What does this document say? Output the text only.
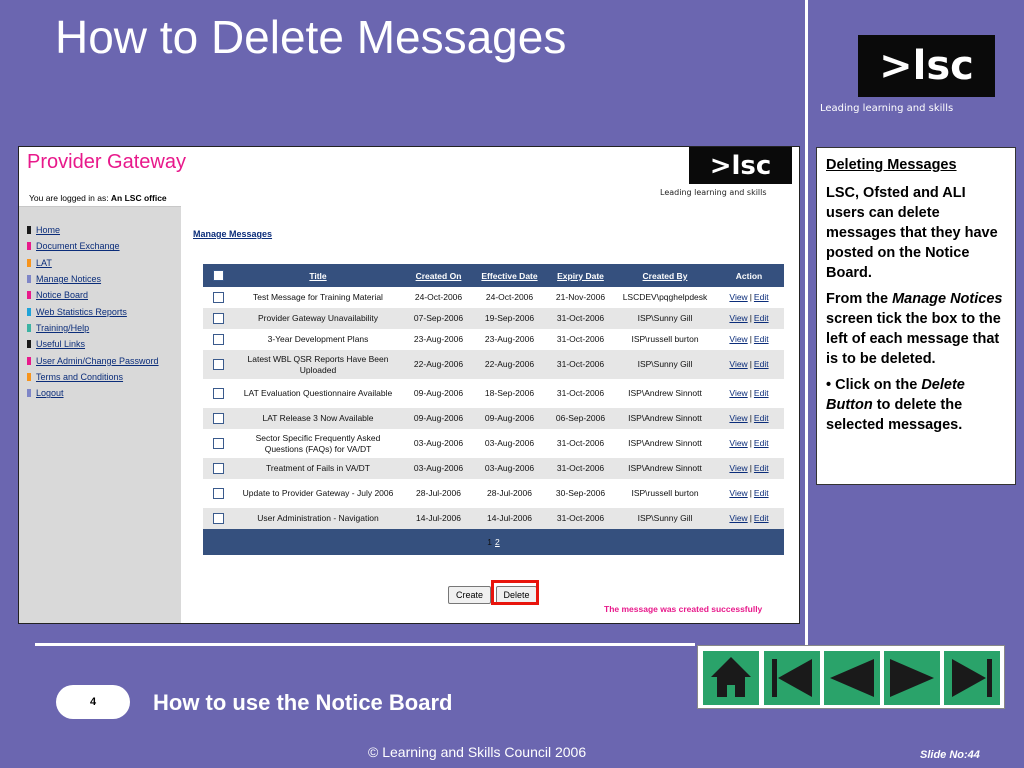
How to Delete Messages
>lsc
Leading learning and skills
Provider Gateway	>lsc
Leading learning and skills
You are logged in as: An LSC office
Home
Document Exchange
LAT
Manage Notices
Notice Board
Web Statistics Reports
Training/Help
Useful Links
User Admin/Change Password
Terms and Conditions
Logout
Manage Messages
	Title	Created On	Effective Date	Expiry Date	Created By	Action
	Test Message for Training Material	24-Oct-2006	24-Oct-2006	21-Nov-2006	LSCDEV\pqghelpdesk	View | Edit
	Provider Gateway Unavailability	07-Sep-2006	19-Sep-2006	31-Oct-2006	ISP\Sunny Gill	View | Edit
	3-Year Development Plans	23-Aug-2006	23-Aug-2006	31-Oct-2006	ISP\russell burton	View | Edit
	Latest WBL QSR Reports Have Been Uploaded	22-Aug-2006	22-Aug-2006	31-Oct-2006	ISP\Sunny Gill	View | Edit
	LAT Evaluation Questionnaire Available	09-Aug-2006	18-Sep-2006	31-Oct-2006	ISP\Andrew Sinnott	View | Edit
	LAT Release 3 Now Available	09-Aug-2006	09-Aug-2006	06-Sep-2006	ISP\Andrew Sinnott	View | Edit
	Sector Specific Frequently Asked Questions (FAQs) for VA/DT	03-Aug-2006	03-Aug-2006	31-Oct-2006	ISP\Andrew Sinnott	View | Edit
	Treatment of Fails in VA/DT	03-Aug-2006	03-Aug-2006	31-Oct-2006	ISP\Andrew Sinnott	View | Edit
	Update to Provider Gateway - July 2006	28-Jul-2006	28-Jul-2006	30-Sep-2006	ISP\russell burton	View | Edit
	User Administration - Navigation	14-Jul-2006	14-Jul-2006	31-Oct-2006	ISP\Sunny Gill	View | Edit
1 2						
Create	Delete
The message was created successfully

Deleting Messages

LSC, Ofsted and ALI users can delete messages that they have posted on the Notice Board.

From the Manage Notices screen tick the box to the left of each message that is to be deleted.

• Click on the Delete Button to delete the selected messages.

4	How to use the Notice Board
© Learning and Skills Council 2006	Slide No:44
